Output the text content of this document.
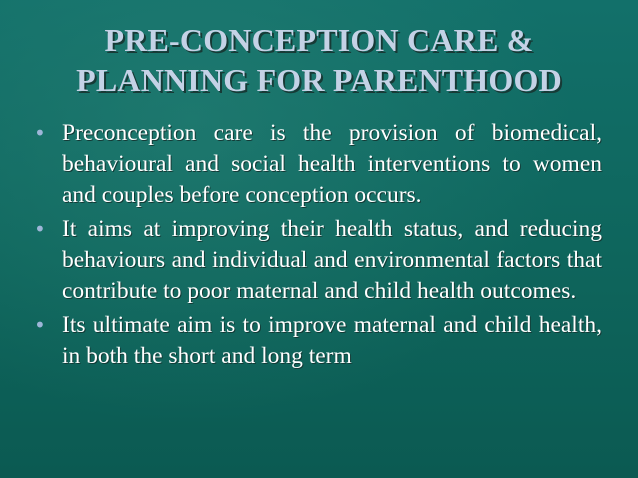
PRE-CONCEPTION CARE &
PLANNING FOR PARENTHOOD
• Preconception care is the provision of biomedical, behavioural and social health interventions to women and couples before conception occurs.
• It aims at improving their health status, and reducing behaviours and individual and environmental factors that contribute to poor maternal and child health outcomes.
• Its ultimate aim is to improve maternal and child health, in both the short and long term
